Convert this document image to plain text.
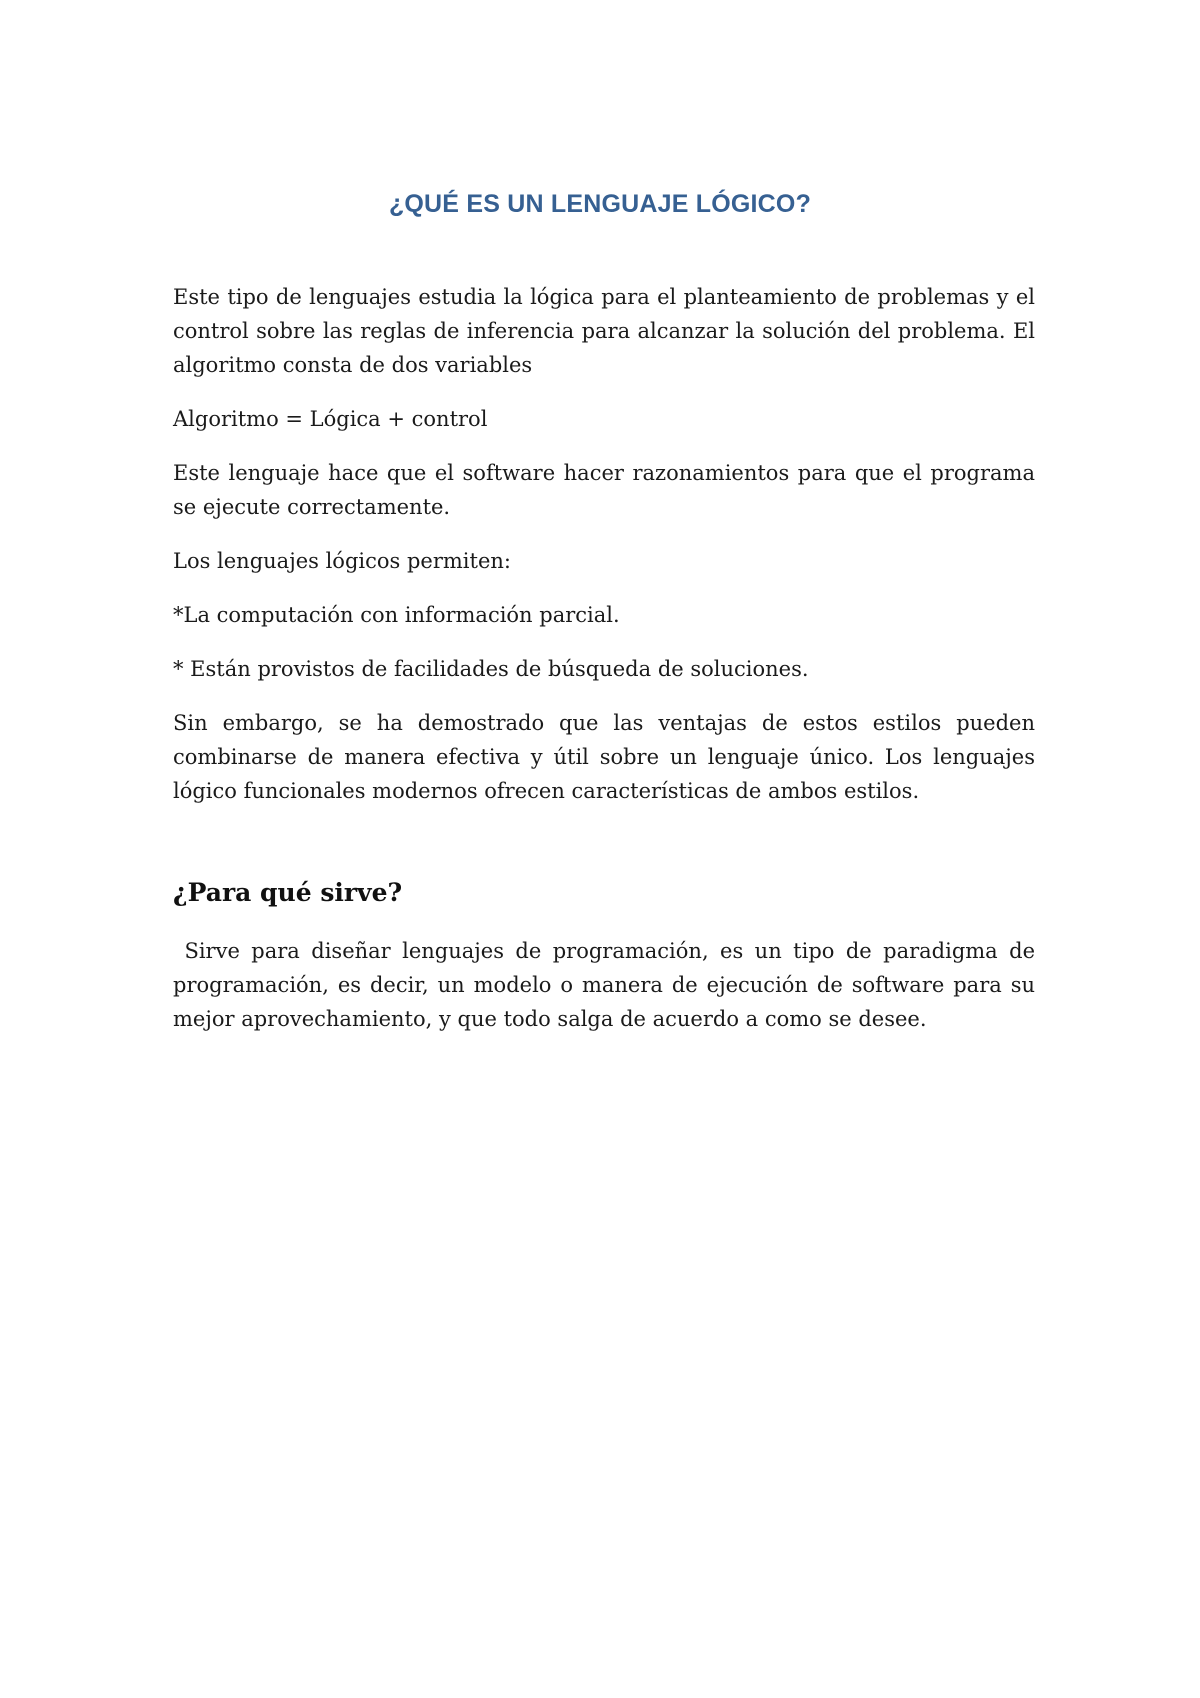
¿QUÉ ES UN LENGUAJE LÓGICO?

Este tipo de lenguajes estudia la lógica para el planteamiento de problemas y el control sobre las reglas de inferencia para alcanzar la solución del problema. El algoritmo consta de dos variables

Algoritmo = Lógica + control

Este lenguaje hace que el software hacer razonamientos para que el programa se ejecute correctamente.

Los lenguajes lógicos permiten:

*La computación con información parcial.

* Están provistos de facilidades de búsqueda de soluciones.

Sin embargo, se ha demostrado que las ventajas de estos estilos pueden combinarse de manera efectiva y útil sobre un lenguaje único. Los lenguajes lógico funcionales modernos ofrecen características de ambos estilos.

¿Para qué sirve?

Sirve para diseñar lenguajes de programación, es un tipo de paradigma de programación, es decir, un modelo o manera de ejecución de software para su mejor aprovechamiento, y que todo salga de acuerdo a como se desee.
